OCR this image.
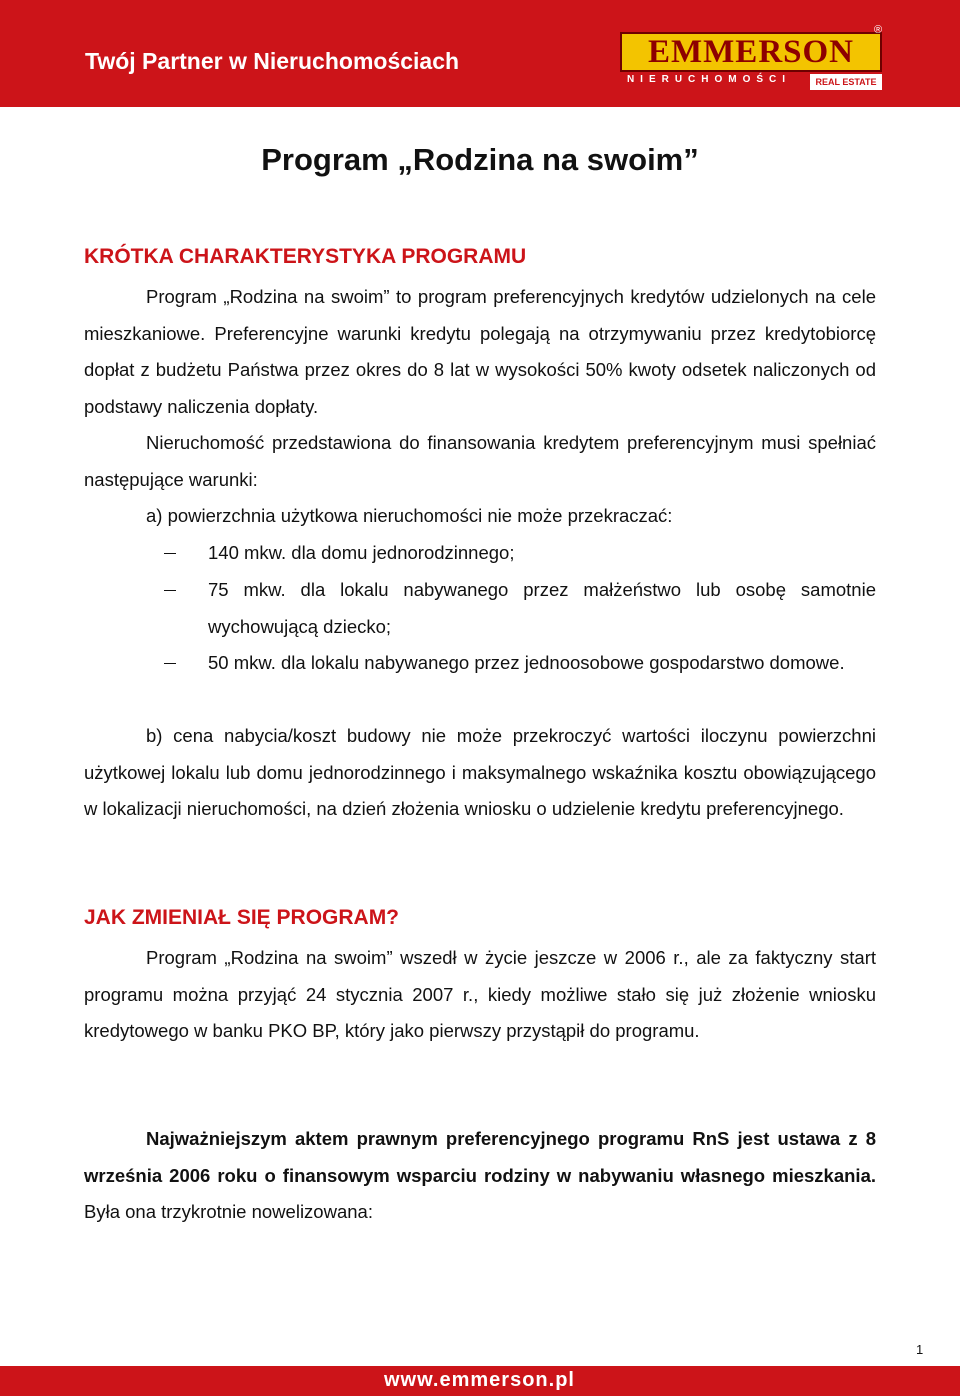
Twój Partner w Nieruchomościach	EMMERSON
NIERUCHOMOŚCI	REAL ESTATE
®
Program „Rodzina na swoim”
KRÓTKA CHARAKTERYSTYKA PROGRAMU

Program „Rodzina na swoim” to program preferencyjnych kredytów udzielonych na cele mieszkaniowe. Preferencyjne warunki kredytu polegają na otrzymywaniu przez kredytobiorcę dopłat z budżetu Państwa przez okres do 8 lat w wysokości 50% kwoty odsetek naliczonych od podstawy naliczenia dopłaty.

Nieruchomość przedstawiona do finansowania kredytem preferencyjnym musi spełniać następujące warunki:

a) powierzchnia użytkowa nieruchomości nie może przekraczać:

140 mkw. dla domu jednorodzinnego;
75 mkw. dla lokalu nabywanego przez małżeństwo lub osobę samotnie wychowującą dziecko;
50 mkw. dla lokalu nabywanego przez jednoosobowe gospodarstwo domowe.

b) cena nabycia/koszt budowy nie może przekroczyć wartości iloczynu powierzchni użytkowej lokalu lub domu jednorodzinnego i maksymalnego wskaźnika kosztu obowiązującego w lokalizacji nieruchomości, na dzień złożenia wniosku o udzielenie kredytu preferencyjnego.

JAK ZMIENIAŁ SIĘ PROGRAM?

Program „Rodzina na swoim” wszedł w życie jeszcze w 2006 r., ale za faktyczny start programu można przyjąć 24 stycznia 2007 r., kiedy możliwe stało się już złożenie wniosku kredytowego w banku PKO BP, który jako pierwszy przystąpił do programu.

Najważniejszym aktem prawnym preferencyjnego programu RnS jest ustawa z 8 września 2006 roku o finansowym wsparciu rodziny w nabywaniu własnego mieszkania. Była ona trzykrotnie nowelizowana:

1
www.emmerson.pl
